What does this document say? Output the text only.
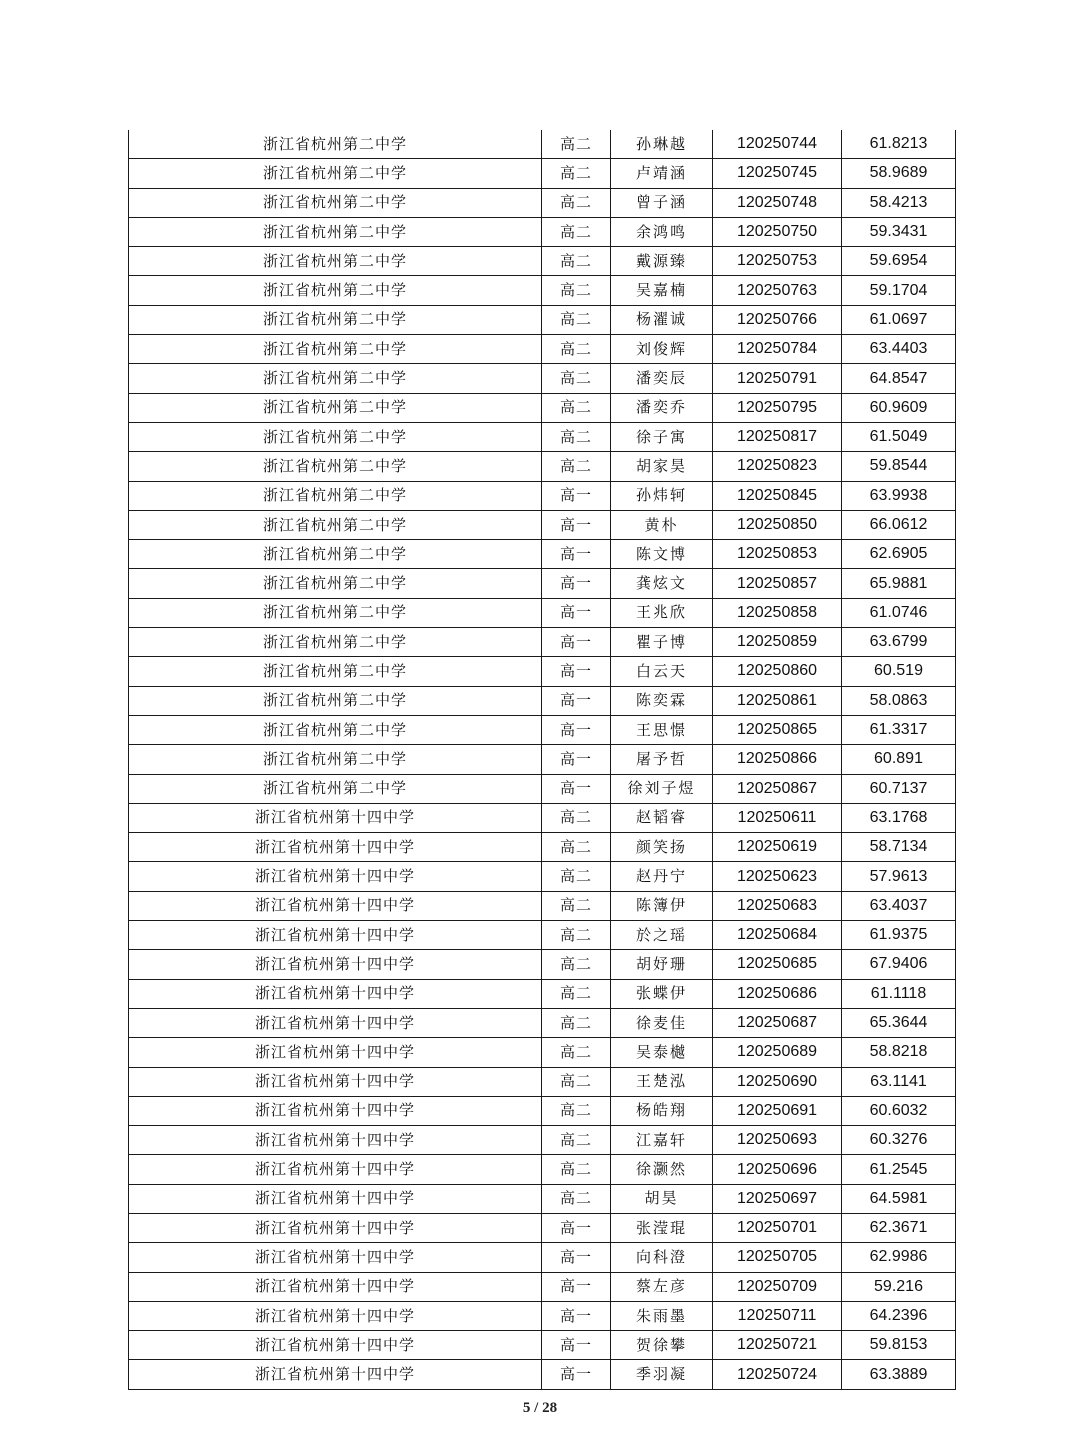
浙江省杭州第二中学	高二	孙琳越	120250744	61.8213
浙江省杭州第二中学	高二	卢靖涵	120250745	58.9689
浙江省杭州第二中学	高二	曾子涵	120250748	58.4213
浙江省杭州第二中学	高二	余鸿鸣	120250750	59.3431
浙江省杭州第二中学	高二	戴源臻	120250753	59.6954
浙江省杭州第二中学	高二	吴嘉楠	120250763	59.1704
浙江省杭州第二中学	高二	杨濯诚	120250766	61.0697
浙江省杭州第二中学	高二	刘俊辉	120250784	63.4403
浙江省杭州第二中学	高二	潘奕辰	120250791	64.8547
浙江省杭州第二中学	高二	潘奕乔	120250795	60.9609
浙江省杭州第二中学	高二	徐子寓	120250817	61.5049
浙江省杭州第二中学	高二	胡家昊	120250823	59.8544
浙江省杭州第二中学	高一	孙炜轲	120250845	63.9938
浙江省杭州第二中学	高一	黄朴	120250850	66.0612
浙江省杭州第二中学	高一	陈文博	120250853	62.6905
浙江省杭州第二中学	高一	龚炫文	120250857	65.9881
浙江省杭州第二中学	高一	王兆欣	120250858	61.0746
浙江省杭州第二中学	高一	瞿子博	120250859	63.6799
浙江省杭州第二中学	高一	白云天	120250860	60.519
浙江省杭州第二中学	高一	陈奕霖	120250861	58.0863
浙江省杭州第二中学	高一	王思憬	120250865	61.3317
浙江省杭州第二中学	高一	屠予哲	120250866	60.891
浙江省杭州第二中学	高一	徐刘子煜	120250867	60.7137
浙江省杭州第十四中学	高二	赵韬睿	120250611	63.1768
浙江省杭州第十四中学	高二	颜笑扬	120250619	58.7134
浙江省杭州第十四中学	高二	赵丹宁	120250623	57.9613
浙江省杭州第十四中学	高二	陈簿伊	120250683	63.4037
浙江省杭州第十四中学	高二	於之瑶	120250684	61.9375
浙江省杭州第十四中学	高二	胡妤珊	120250685	67.9406
浙江省杭州第十四中学	高二	张蝶伊	120250686	61.1118
浙江省杭州第十四中学	高二	徐麦佳	120250687	65.3644
浙江省杭州第十四中学	高二	吴泰樾	120250689	58.8218
浙江省杭州第十四中学	高二	王楚泓	120250690	63.1141
浙江省杭州第十四中学	高二	杨皓翔	120250691	60.6032
浙江省杭州第十四中学	高二	江嘉轩	120250693	60.3276
浙江省杭州第十四中学	高二	徐灏然	120250696	61.2545
浙江省杭州第十四中学	高二	胡昊	120250697	64.5981
浙江省杭州第十四中学	高一	张滢琨	120250701	62.3671
浙江省杭州第十四中学	高一	向科澄	120250705	62.9986
浙江省杭州第十四中学	高一	蔡左彦	120250709	59.216
浙江省杭州第十四中学	高一	朱雨墨	120250711	64.2396
浙江省杭州第十四中学	高一	贺徐攀	120250721	59.8153
浙江省杭州第十四中学	高一	季羽凝	120250724	63.3889
5 / 28
